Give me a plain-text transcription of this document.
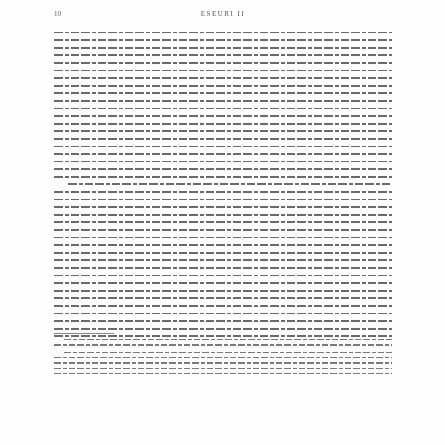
10	ESEURI II
